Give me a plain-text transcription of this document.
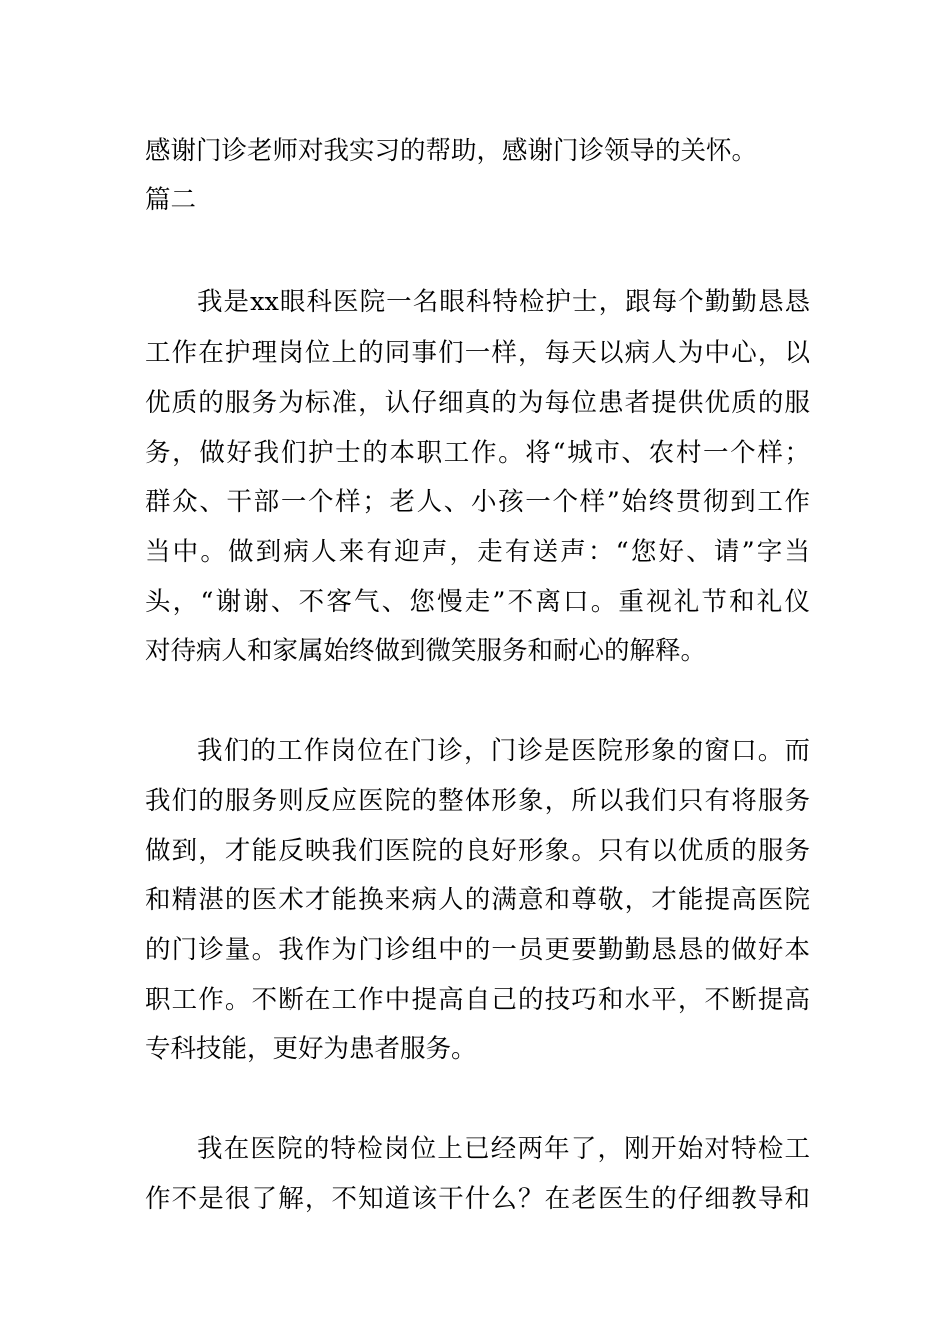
感谢门诊老师对我实习的帮助，感谢门诊领导的关怀。
篇二
我是xx眼科医院一名眼科特检护士，跟每个勤勤恳恳
工作在护理岗位上的同事们一样，每天以病人为中心，以
优质的服务为标准，认仔细真的为每位患者提供优质的服
务，做好我们护士的本职工作。将“城市、农村一个样；
群众、干部一个样；老人、小孩一个样”始终贯彻到工作
当中。做到病人来有迎声，走有送声：“您好、请”字当
头，“谢谢、不客气、您慢走”不离口。重视礼节和礼仪
对待病人和家属始终做到微笑服务和耐心的解释。
我们的工作岗位在门诊，门诊是医院形象的窗口。而
我们的服务则反应医院的整体形象，所以我们只有将服务
做到，才能反映我们医院的良好形象。只有以优质的服务
和精湛的医术才能换来病人的满意和尊敬，才能提高医院
的门诊量。我作为门诊组中的一员更要勤勤恳恳的做好本
职工作。不断在工作中提高自己的技巧和水平，不断提高
专科技能，更好为患者服务。
我在医院的特检岗位上已经两年了，刚开始对特检工
作不是很了解，不知道该干什么？在老医生的仔细教导和
